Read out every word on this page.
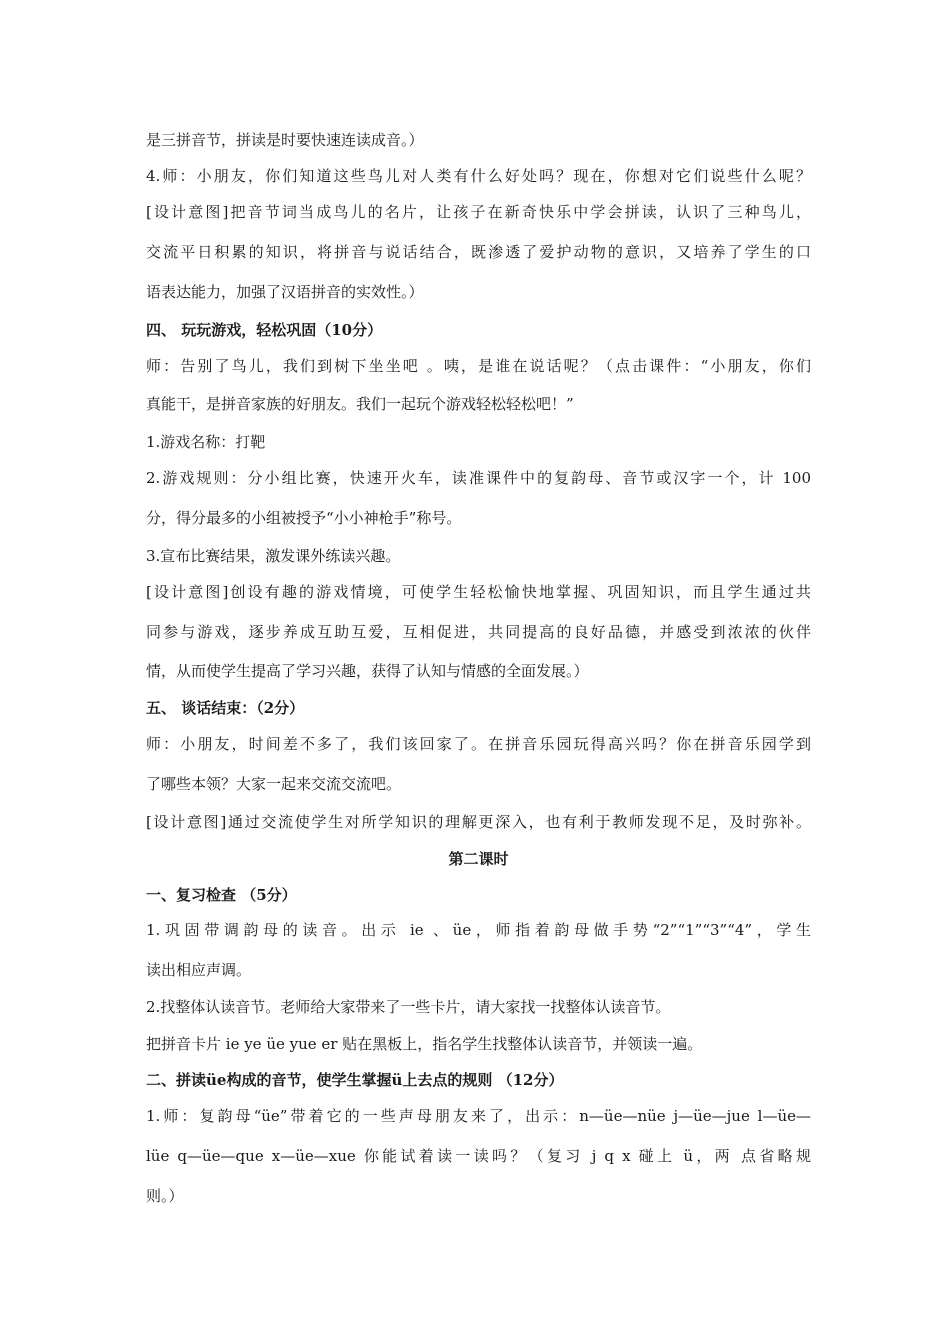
是三拼音节，拼读是时要快速连读成音。）
4.师：小朋友，你们知道这些鸟儿对人类有什么好处吗？现在，你想对它们说些什么呢？
[设计意图]把音节词当成鸟儿的名片，让孩子在新奇快乐中学会拼读，认识了三种鸟儿，
交流平日积累的知识，将拼音与说话结合，既渗透了爱护动物的意识，又培养了学生的口
语表达能力，加强了汉语拼音的实效性。）
四、 玩玩游戏，轻松巩固（10分）
师：告别了鸟儿，我们到树下坐坐吧 。咦，是谁在说话呢？（点击课件：“小朋友，你们
真能干，是拼音家族的好朋友。我们一起玩个游戏轻松轻松吧！”
1.游戏名称：打靶
2.游戏规则：分小组比赛，快速开火车，读准课件中的复韵母、音节或汉字一个，计 100
分，得分最多的小组被授予“小小神枪手”称号。
3.宣布比赛结果，激发课外练读兴趣。
[设计意图]创设有趣的游戏情境，可使学生轻松愉快地掌握、巩固知识，而且学生通过共
同参与游戏，逐步养成互助互爱，互相促进，共同提高的良好品德，并感受到浓浓的伙伴
情，从而使学生提高了学习兴趣，获得了认知与情感的全面发展。）
五、 谈话结束：（2分）
师：小朋友，时间差不多了，我们该回家了。在拼音乐园玩得高兴吗？你在拼音乐园学到
了哪些本领？大家一起来交流交流吧。
[设计意图]通过交流使学生对所学知识的理解更深入，也有利于教师发现不足，及时弥补。
第二课时
一、复习检查 （5分）
1.巩固带调韵母的读音。出示 ie 、üe，师指着韵母做手势“2”“1”“3”“4”，学生
读出相应声调。
2.找整体认读音节。老师给大家带来了一些卡片，请大家找一找整体认读音节。
把拼音卡片 ie ye üe yue er 贴在黑板上，指名学生找整体认读音节，并领读一遍。
二、拼读üe构成的音节，使学生掌握ü上去点的规则 （12分）
1.师：复韵母“üe”带着它的一些声母朋友来了，出示：n—üe—nüe j—üe—jue l—üe—
lüe q—üe—que x—üe—xue 你能试着读一读吗？（复习 j q x 碰上 ü，两 点省略规
则。）
